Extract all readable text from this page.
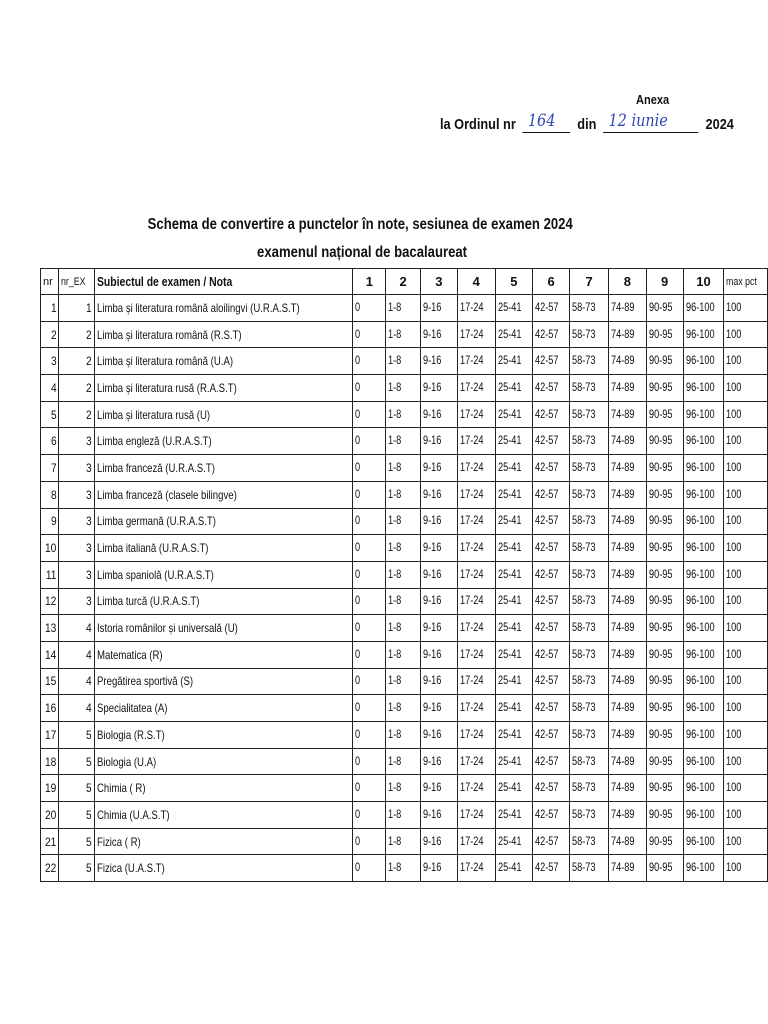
Anexa
la Ordinul nr 164 din 12 iunie	2024
Schema de convertire a punctelor în note, sesiunea de examen 2024
examenul național de bacalaureat
nr	nr_EX	Subiectul de examen / Nota	1	2	3	4	5	6	7	8	9	10	max pct
1	1	Limba și literatura română aloilingvi (U.R.A.S.T)	0	1-8	9-16	17-24	25-41	42-57	58-73	74-89	90-95	96-100	100
2	2	Limba și literatura română (R.S.T)	0	1-8	9-16	17-24	25-41	42-57	58-73	74-89	90-95	96-100	100
3	2	Limba și literatura română (U.A)	0	1-8	9-16	17-24	25-41	42-57	58-73	74-89	90-95	96-100	100
4	2	Limba și literatura rusă (R.A.S.T)	0	1-8	9-16	17-24	25-41	42-57	58-73	74-89	90-95	96-100	100
5	2	Limba și literatura rusă (U)	0	1-8	9-16	17-24	25-41	42-57	58-73	74-89	90-95	96-100	100
6	3	Limba engleză (U.R.A.S.T)	0	1-8	9-16	17-24	25-41	42-57	58-73	74-89	90-95	96-100	100
7	3	Limba franceză (U.R.A.S.T)	0	1-8	9-16	17-24	25-41	42-57	58-73	74-89	90-95	96-100	100
8	3	Limba franceză (clasele bilingve)	0	1-8	9-16	17-24	25-41	42-57	58-73	74-89	90-95	96-100	100
9	3	Limba germană (U.R.A.S.T)	0	1-8	9-16	17-24	25-41	42-57	58-73	74-89	90-95	96-100	100
10	3	Limba italiană (U.R.A.S.T)	0	1-8	9-16	17-24	25-41	42-57	58-73	74-89	90-95	96-100	100
11	3	Limba spaniolă (U.R.A.S.T)	0	1-8	9-16	17-24	25-41	42-57	58-73	74-89	90-95	96-100	100
12	3	Limba turcă (U.R.A.S.T)	0	1-8	9-16	17-24	25-41	42-57	58-73	74-89	90-95	96-100	100
13	4	Istoria românilor și universală (U)	0	1-8	9-16	17-24	25-41	42-57	58-73	74-89	90-95	96-100	100
14	4	Matematica (R)	0	1-8	9-16	17-24	25-41	42-57	58-73	74-89	90-95	96-100	100
15	4	Pregătirea sportivă (S)	0	1-8	9-16	17-24	25-41	42-57	58-73	74-89	90-95	96-100	100
16	4	Specialitatea (A)	0	1-8	9-16	17-24	25-41	42-57	58-73	74-89	90-95	96-100	100
17	5	Biologia (R.S.T)	0	1-8	9-16	17-24	25-41	42-57	58-73	74-89	90-95	96-100	100
18	5	Biologia (U.A)	0	1-8	9-16	17-24	25-41	42-57	58-73	74-89	90-95	96-100	100
19	5	Chimia ( R)	0	1-8	9-16	17-24	25-41	42-57	58-73	74-89	90-95	96-100	100
20	5	Chimia (U.A.S.T)	0	1-8	9-16	17-24	25-41	42-57	58-73	74-89	90-95	96-100	100
21	5	Fizica ( R)	0	1-8	9-16	17-24	25-41	42-57	58-73	74-89	90-95	96-100	100
22	5	Fizica (U.A.S.T)	0	1-8	9-16	17-24	25-41	42-57	58-73	74-89	90-95	96-100	100
